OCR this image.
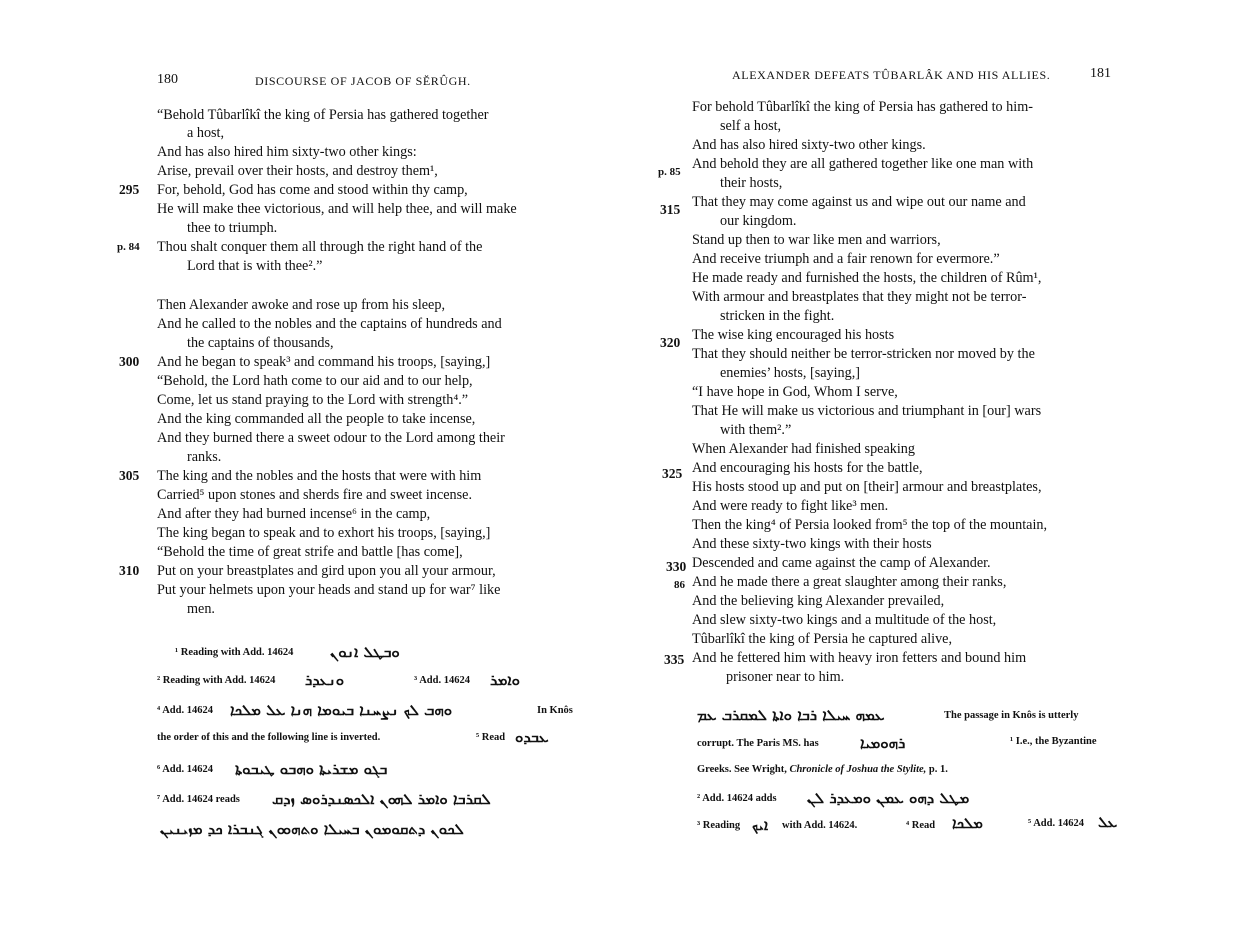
180	DISCOURSE OF JACOB OF SĔRÛGH.
“Behold Tûbarlîkî the king of Persia has gathered together
a host,
And has also hired him sixty-two other kings:
Arise, prevail over their hosts, and destroy them¹,
For, behold, God has come and stood within thy camp,
He will make thee victorious, and will help thee, and will make
thee to triumph.
Thou shalt conquer them all through the right hand of the
Lord that is with thee².”
Then Alexander awoke and rose up from his sleep,
And he called to the nobles and the captains of hundreds and
the captains of thousands,
And he began to speak³ and command his troops, [saying,]
“Behold, the Lord hath come to our aid and to our help,
Come, let us stand praying to the Lord with strength⁴.”
And the king commanded all the people to take incense,
And they burned there a sweet odour to the Lord among their
ranks.
The king and the nobles and the hosts that were with him
Carried⁵ upon stones and sherds fire and sweet incense.
And after they had burned incense⁶ in the camp,
The king began to speak and to exhort his troops, [saying,]
“Behold the time of great strife and battle [has come],
Put on your breastplates and gird upon you all your armour,
Put your helmets upon your heads and stand up for war⁷ like
men.
295
p. 84
300
305
310
¹ Reading with Add. 14624 ܘܒܛܠ ܐܢܘܢ
² Reading with Add. 14624 ܘܢܥܕܪ	³ Add. 14624 ܘܐܡܪ
⁴ Add. 14624 ܘܗܒ ܠܟ ܢܨܚܢܐ ܒܝܘܡܐ ܗܢܐ ܥܠ ܡܠܟܐ	In Knôs
the order of this and the following line is inverted.	⁵ Read ܥܒܕܘ
⁶ Add. 14624 ܒܓܘ ܡܫܪܝܬܐ ܘܗܒܘ ܛܝܒܘܬܐ
⁷ Add. 14624 reads ܠܩܪܒܐ ܘܐܡܪ ܠܗܘܢ ܐܠܟܣܢܕܪܘܣ ܙܕܩ
ܠܟܘܢ ܕܬܩܘܡܘܢ ܒܚܝܠܐ ܘܬܗܘܘܢ ܓܢܒܪܐ ܟܕ ܡܙܝܢܝܢ
ALEXANDER DEFEATS TÛBARLÂK AND HIS ALLIES.	181
For behold Tûbarlîkî the king of Persia has gathered to him-
self a host,
And has also hired sixty-two other kings.
And behold they are all gathered together like one man with
their hosts,
That they may come against us and wipe out our name and
our kingdom.
Stand up then to war like men and warriors,
And receive triumph and a fair renown for evermore.”
He made ready and furnished the hosts, the children of Rûm¹,
With armour and breastplates that they might not be terror-
stricken in the fight.
The wise king encouraged his hosts
That they should neither be terror-stricken nor moved by the
enemies’ hosts, [saying,]
“I have hope in God, Whom I serve,
That He will make us victorious and triumphant in [our] wars
with them².”
When Alexander had finished speaking
And encouraging his hosts for the battle,
His hosts stood up and put on [their] armour and breastplates,
And were ready to fight like³ men.
Then the king⁴ of Persia looked from⁵ the top of the mountain,
And these sixty-two kings with their hosts
Descended and came against the camp of Alexander.
And he made there a great slaughter among their ranks,
And the believing king Alexander prevailed,
And slew sixty-two kings and a multitude of the host,
Tûbarlîkî the king of Persia he captured alive,
And he fettered him with heavy iron fetters and bound him
prisoner near to him.
p. 85
315
320
325
330
86
335
ܥܡܗ ܚܝܠܐ ܪܒܐ ܘܐܬܐ ܠܡܩܪܒ ܥܡ	The passage in Knôs is utterly
corrupt. The Paris MS. has	ܪܗܘܡܝܐ	¹ I.e., the Byzantine
Greeks. See Wright, Chronicle of Joshua the Stylite, p. 1.
² Add. 14624 adds ܡܛܠ ܕܗܘ ܥܡܢ ܘܡܥܕܪ ܠܢ
³ Reading ܐܝܟ with Add. 14624.	⁴ Read ܡܠܟܐ	⁵ Add. 14624 ܥܠ
